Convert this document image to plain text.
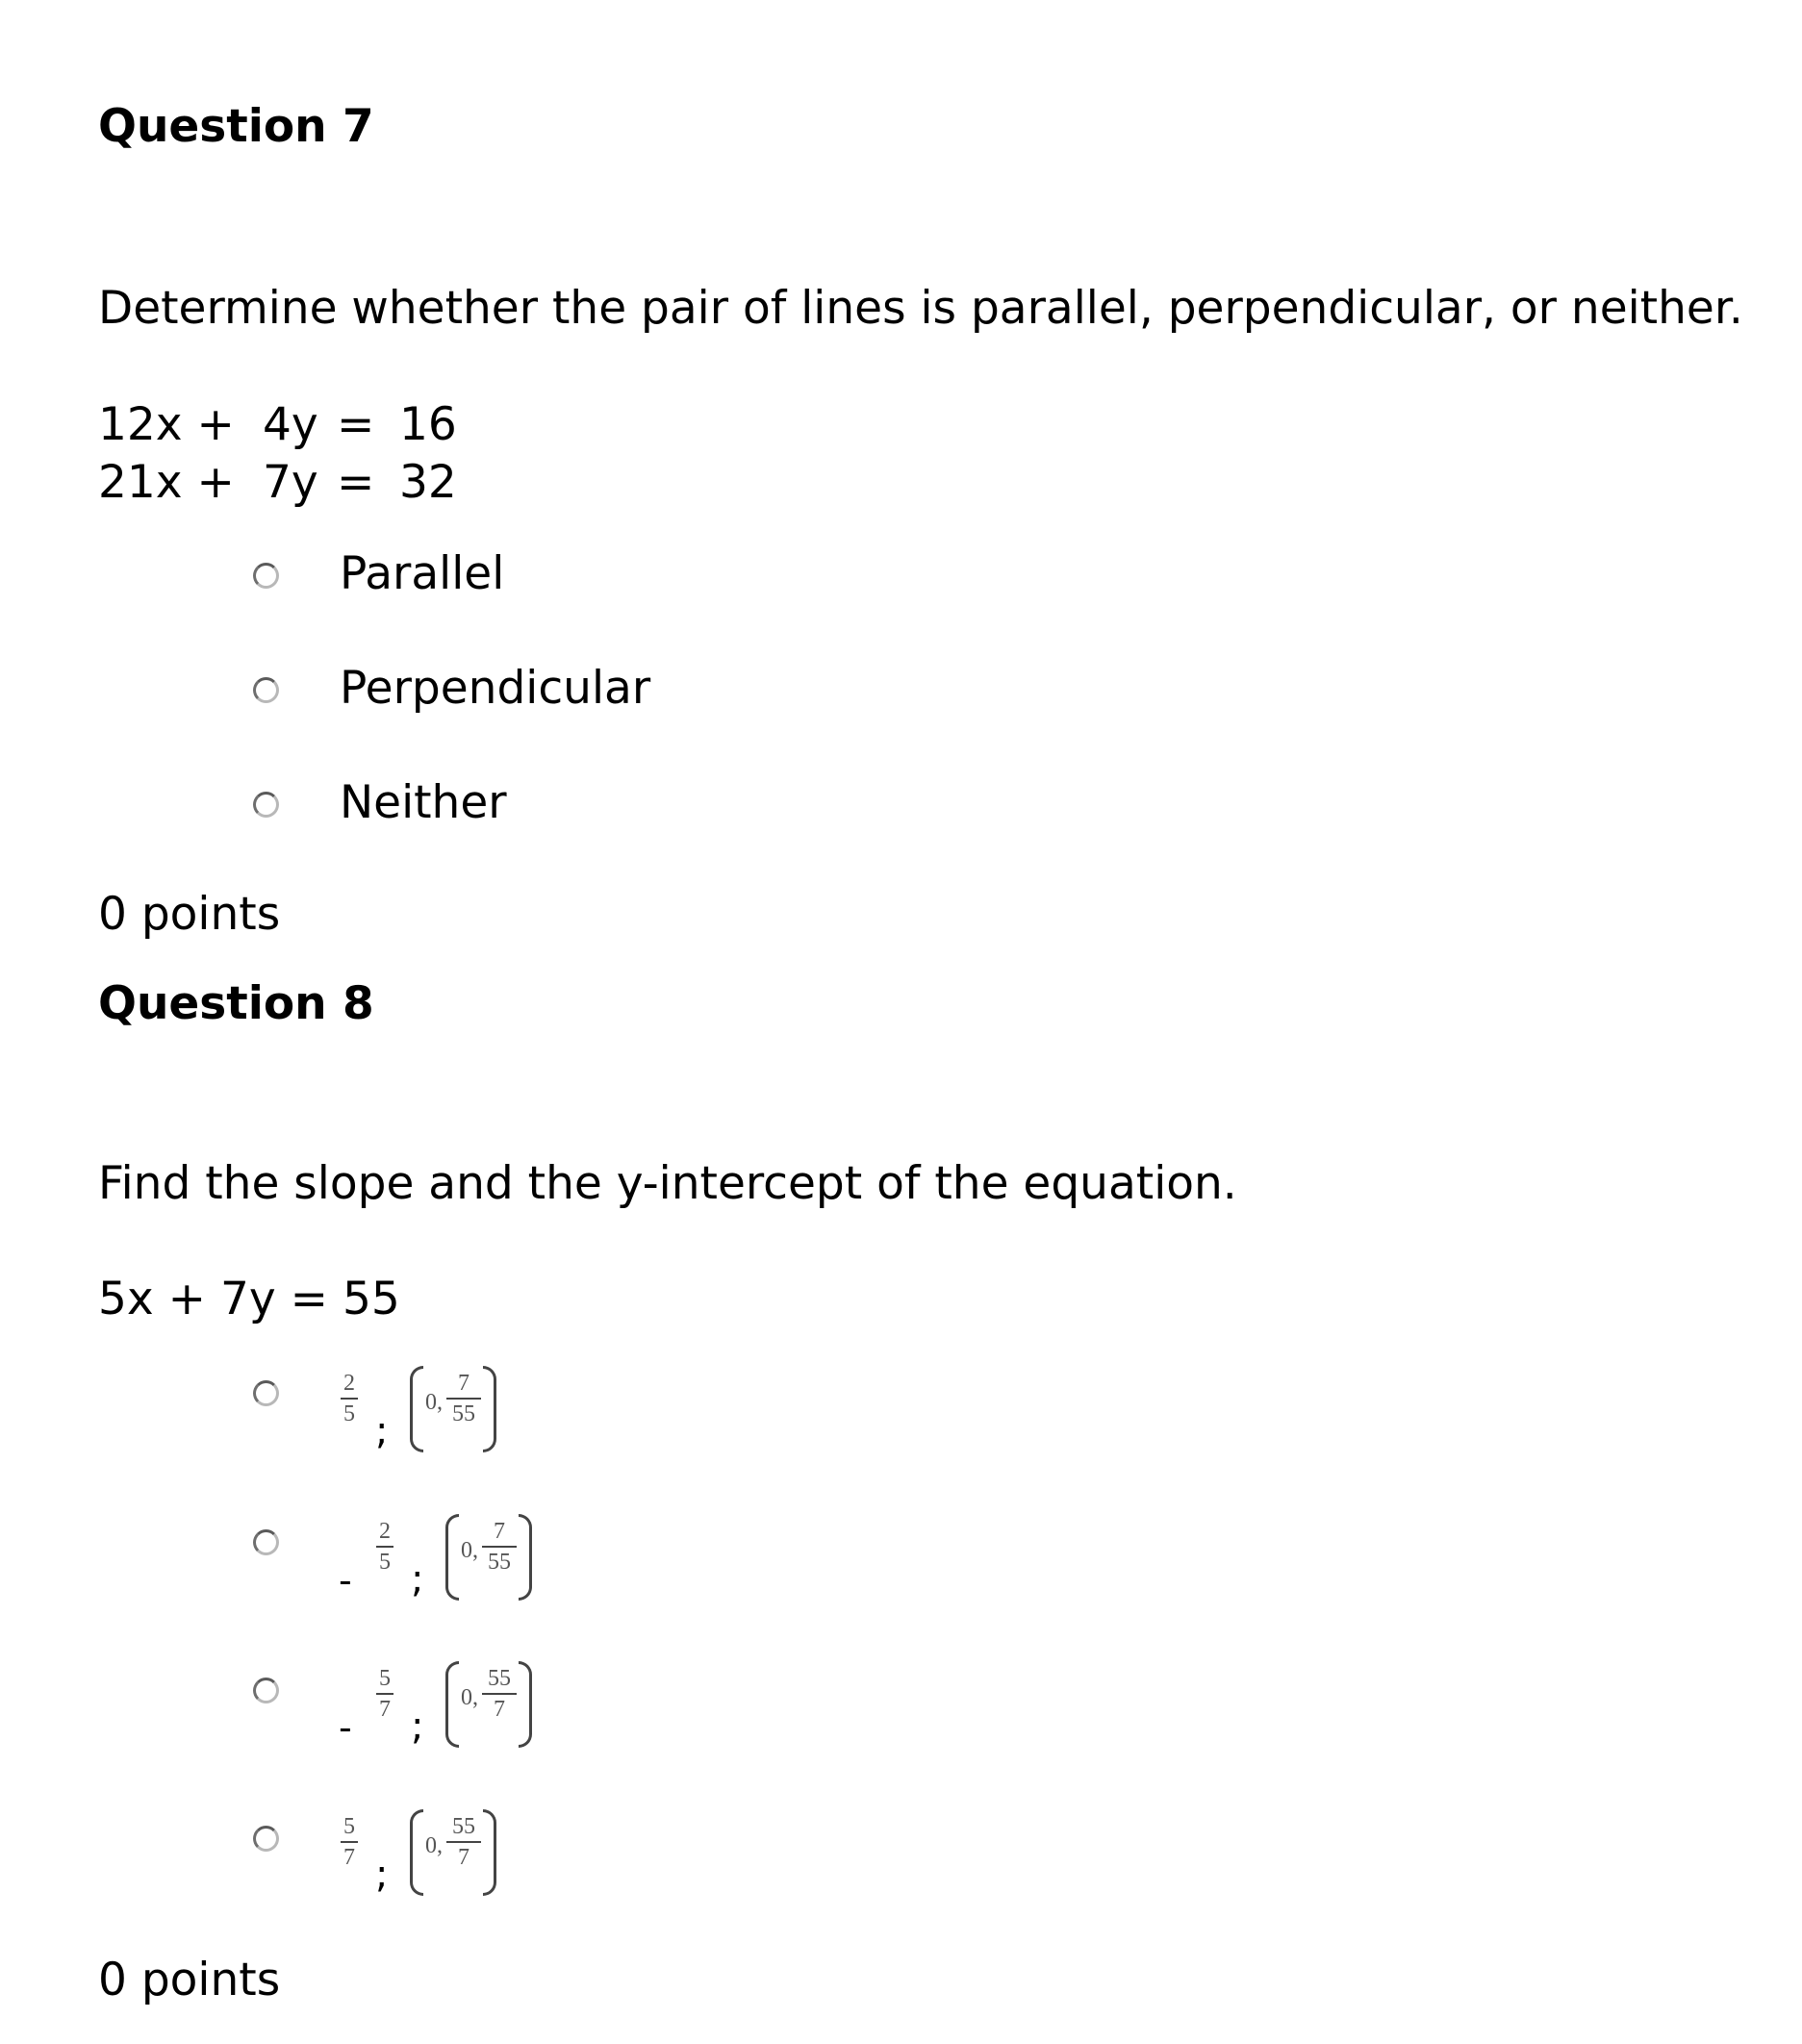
Question 7
Determine whether the pair of lines is parallel, perpendicular, or neither.
12x + 4y = 16
21x + 7y = 32
Parallel
Perpendicular
Neither
0 points
Question 8
Find the slope and the y-intercept of the equation.
5x + 7y = 55
2
5 ;
0,
7
55
-
2
5 ;
0,
7
55
-
5
7 ;
0,
55
7
5
7 ;
0,
55
7
0 points
